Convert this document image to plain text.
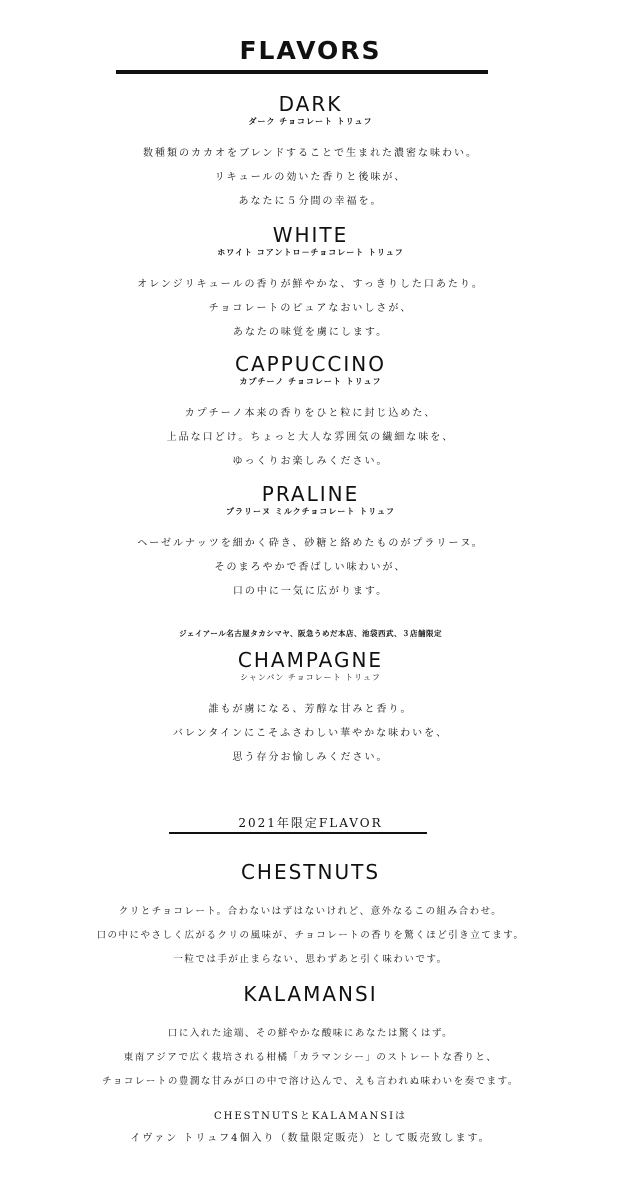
FLAVORS
DARK
ダーク チョコレート トリュフ
数種類のカカオをブレンドすることで生まれた濃密な味わい。
リキュールの効いた香りと後味が、
あなたに５分間の幸福を。
WHITE
ホワイト コアントロ－チョコレート トリュフ
オレンジリキュールの香りが鮮やかな、すっきりした口あたり。
チョコレートのピュアなおいしさが、
あなたの味覚を虜にします。
CAPPUCCINO
カプチーノ チョコレート トリュフ
カプチーノ本来の香りをひと粒に封じ込めた、
上品な口どけ。ちょっと大人な雰囲気の繊細な味を、
ゆっくりお楽しみください。
PRALINE
プラリーヌ ミルクチョコレート トリュフ
ヘーゼルナッツを細かく砕き、砂糖と絡めたものがプラリーヌ。
そのまろやかで香ばしい味わいが、
口の中に一気に広がります。
ジェイアール名古屋タカシマヤ、阪急うめだ本店、池袋西武、３店舗限定
CHAMPAGNE
シャンパン チョコレート トリュフ
誰もが虜になる、芳醇な甘みと香り。
バレンタインにこそふさわしい華やかな味わいを、
思う存分お愉しみください。
2021年限定FLAVOR
CHESTNUTS
クリとチョコレート。合わないはずはないけれど、意外なるこの組み合わせ。
口の中にやさしく広がるクリの風味が、チョコレートの香りを驚くほど引き立てます。
一粒では手が止まらない、思わずあと引く味わいです。
KALAMANSI
口に入れた途端、その鮮やかな酸味にあなたは驚くはず。
東南アジアで広く栽培される柑橘「カラマンシー」のストレートな香りと、
チョコレートの豊潤な甘みが口の中で溶け込んで、えも言われぬ味わいを奏でます。
CHESTNUTSとKALAMANSIは
イヴァン トリュフ4個入り（数量限定販売）として販売致します。
